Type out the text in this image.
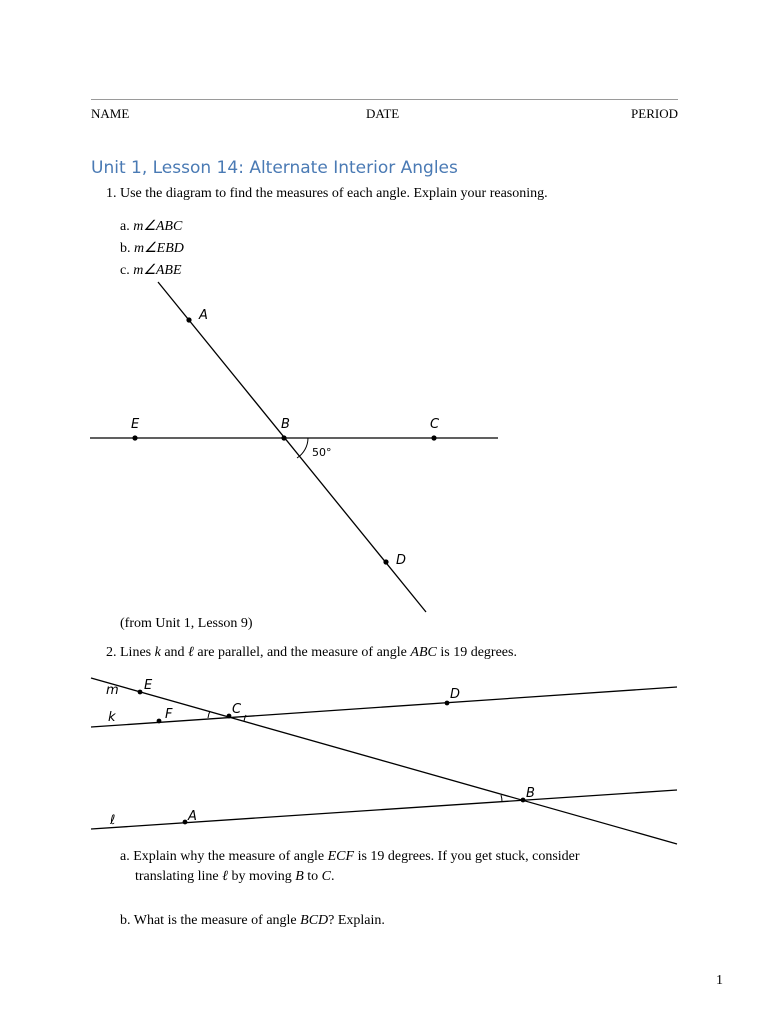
NAME	DATE	PERIOD
Unit 1, Lesson 14: Alternate Interior Angles
1. Use the diagram to find the measures of each angle. Explain your reasoning.
a. m∠ABC
b. m∠EBD
c. m∠ABE
A
B
E	C
D
50°
(from Unit 1, Lesson 9)
2. Lines k and ℓ are parallel, and the measure of angle ABC is 19 degrees.
m
k
ℓ
E
F	C
D
B
A
a. Explain why the measure of angle ECF is 19 degrees. If you get stuck, consider
translating line ℓ by moving B to C.
b. What is the measure of angle BCD? Explain.
1
